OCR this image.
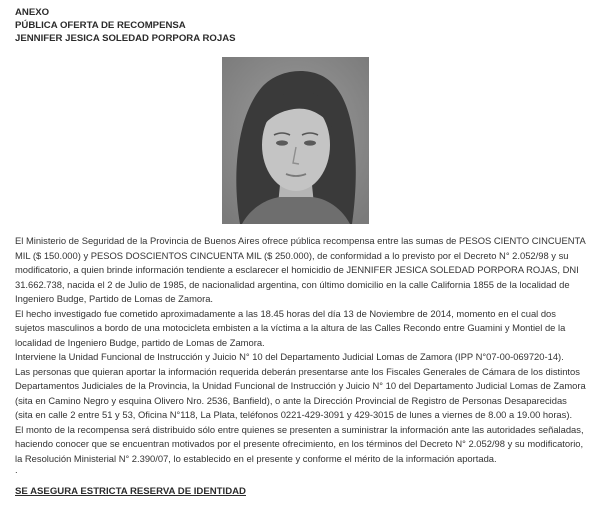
ANEXO
PÚBLICA OFERTA DE RECOMPENSA
JENNIFER JESICA SOLEDAD PORPORA ROJAS

El Ministerio de Seguridad de la Provincia de Buenos Aires ofrece pública recompensa entre las sumas de PESOS CIENTO CINCUENTA MIL ($ 150.000) y PESOS DOSCIENTOS CINCUENTA MIL ($ 250.000), de conformidad a lo previsto por el Decreto N° 2.052/98 y su modificatorio, a quien brinde información tendiente a esclarecer el homicidio de JENNIFER JESICA SOLEDAD PORPORA ROJAS, DNI 31.662.738, nacida el 2 de Julio de 1985, de nacionalidad argentina, con último domicilio en la calle California 1855 de la localidad de Ingeniero Budge, Partido de Lomas de Zamora.

El hecho investigado fue cometido aproximadamente a las 18.45 horas del día 13 de Noviembre de 2014, momento en el cual dos sujetos masculinos a bordo de una motocicleta embisten a la víctima a la altura de las Calles Recondo entre Guamini y Montiel de la localidad de Ingeniero Budge, partido de Lomas de Zamora.

Interviene la Unidad Funcional de Instrucción y Juicio N° 10 del Departamento Judicial Lomas de Zamora (IPP N°07-00-069720-14).

Las personas que quieran aportar la información requerida deberán presentarse ante los Fiscales Generales de Cámara de los distintos Departamentos Judiciales de la Provincia, la Unidad Funcional de Instrucción y Juicio N° 10 del Departamento Judicial Lomas de Zamora (sita en Camino Negro y esquina Olivero Nro. 2536, Banfield), o ante la Dirección Provincial de Registro de Personas Desaparecidas (sita en calle 2 entre 51 y 53, Oficina N°118, La Plata, teléfonos 0221-429-3091 y 429-3015 de lunes a viernes de 8.00 a 19.00 horas).

El monto de la recompensa será distribuido sólo entre quienes se presenten a suministrar la información ante las autoridades señaladas, haciendo conocer que se encuentran motivados por el presente ofrecimiento, en los términos del Decreto N° 2.052/98 y su modificatorio, la Resolución Ministerial N° 2.390/07, lo establecido en el presente y conforme el mérito de la información aportada.

.
SE ASEGURA ESTRICTA RESERVA DE IDENTIDAD
